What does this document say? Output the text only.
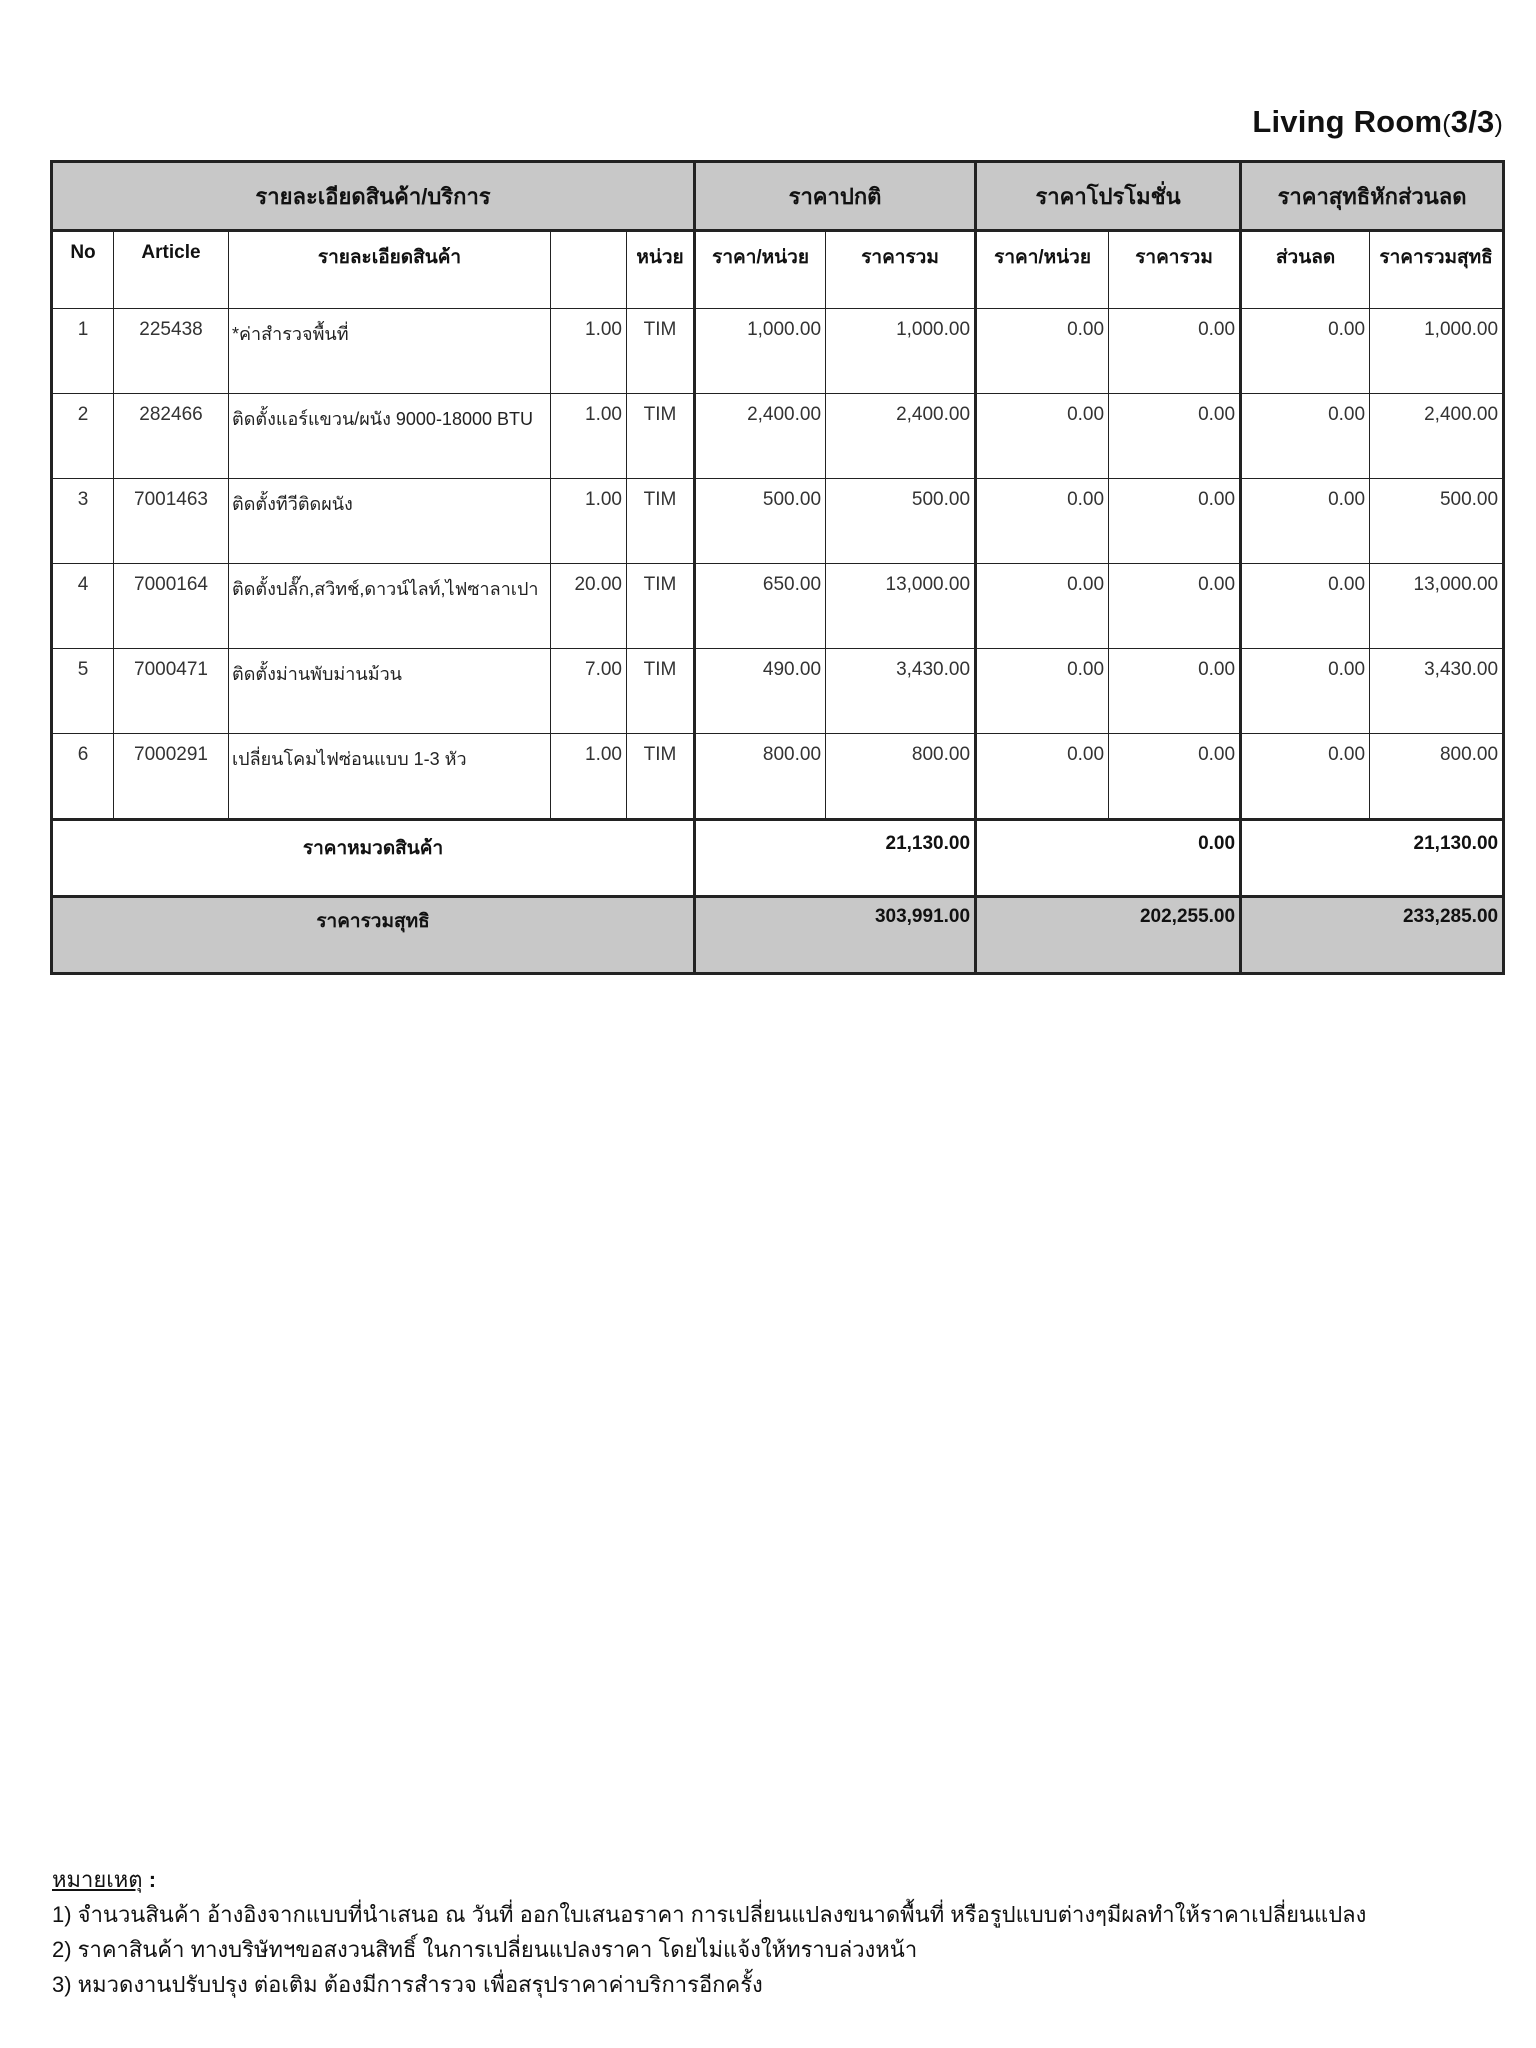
Living Room(3/3)
รายละเอียดสินค้า/บริการ					ราคาปกติ		ราคาโปรโมชั่น		ราคาสุทธิหักส่วนลด	
No	Article	รายละเอียดสินค้า		หน่วย	ราคา/หน่วย	ราคารวม	ราคา/หน่วย	ราคารวม	ส่วนลด	ราคารวมสุทธิ
1	225438	*ค่าสำรวจพื้นที่	1.00	TIM	1,000.00	1,000.00	0.00	0.00	0.00	1,000.00
2	282466	ติดตั้งแอร์แขวน/ผนัง 9000-18000 BTU	1.00	TIM	2,400.00	2,400.00	0.00	0.00	0.00	2,400.00
3	7001463	ติดตั้งทีวีติดผนัง	1.00	TIM	500.00	500.00	0.00	0.00	0.00	500.00
4	7000164	ติดตั้งปลั๊ก,สวิทช์,ดาวน์ไลท์,ไฟซาลาเปา	20.00	TIM	650.00	13,000.00	0.00	0.00	0.00	13,000.00
5	7000471	ติดตั้งม่านพับม่านม้วน	7.00	TIM	490.00	3,430.00	0.00	0.00	0.00	3,430.00
6	7000291	เปลี่ยนโคมไฟซ่อนแบบ 1-3 หัว	1.00	TIM	800.00	800.00	0.00	0.00	0.00	800.00
ราคาหมวดสินค้า					21,130.00		0.00		21,130.00	
ราคารวมสุทธิ					303,991.00		202,255.00		233,285.00	
หมายเหตุ :
1) จำนวนสินค้า อ้างอิงจากแบบที่นำเสนอ ณ วันที่ ออกใบเสนอราคา การเปลี่ยนแปลงขนาดพื้นที่ หรือรูปแบบต่างๆมีผลทำให้ราคาเปลี่ยนแปลง
2) ราคาสินค้า ทางบริษัทฯขอสงวนสิทธิ์ ในการเปลี่ยนแปลงราคา โดยไม่แจ้งให้ทราบล่วงหน้า
3) หมวดงานปรับปรุง ต่อเติม ต้องมีการสำรวจ เพื่อสรุปราคาค่าบริการอีกครั้ง
